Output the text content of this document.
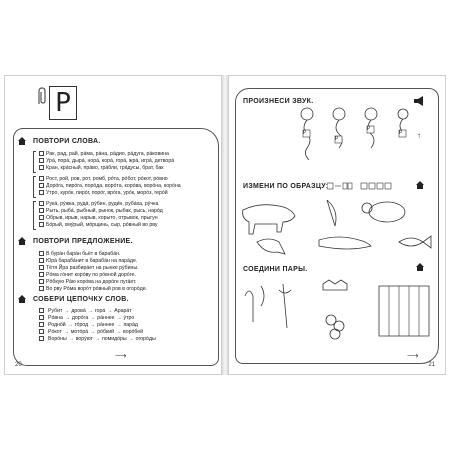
Р
ПОВТОРИ СЛОВА.
Рак, рад, рай, рáма, рáна, рáдио, рáдуга, рáковина
Урá, порá, дырá, норá, корá, горá, жрá, игрá, детворá
Кран, кpáсный, прáво, грáбли, грáдусы, брат, бак
Рост, рой, ров, рот, ромб, рóта, рóбот, рóкот, рóвно
Дорóга, пирóга, порóда, ворóта, корóва, ворóна, корóна
Утро, курóк, пирóг, порóг, вpóга, урóк, морóз, герóй
Рукá, рýжка, рудá, рýбин, руди́н, рубáха, рýчка
Рыть, рыбá, рыбный, рынок, рыбак, рысь, нарóд
Обрыв, ирыв, нарыв, корыто, отрывок, прыгун
Бóрый, хмýрый, мóрщинь, сыр, рóвный во рву
ПОВТОРИ ПРЕДЛОЖЕНИЕ.
В бурáн барáн бьёт в барабáн.
Юрá барабáнит в барабáн на парáде.
Тётя Йра разбирáет на рынке рýбины.
Рóма гóнит корóву по рóвной дорóге.
Рóбкую Рáю корóва на дорóге пугáет.
Во рву Рóма ворóт рóвный ров в огорóде.
СОБЕРИ ЦЕПОЧКУ СЛОВ.
Рубит → дровá → горá → Арарáт
Рóвна → дорóга → рáннее → ýтро
Роднóй → гóрод → рáннее → парáд
Рóкот → мотóрá → рóбкий → ворóбей
Ворóны → ворýют → помидóры → огорóды
⟶
20
ПРОИЗНЕСИ ЗВУК.
Р
Р
Р
Р ↑
ИЗМЕНИ ПО ОБРАЗЦУ:
СОЕДИНИ ПАРЫ.
⟶
21
